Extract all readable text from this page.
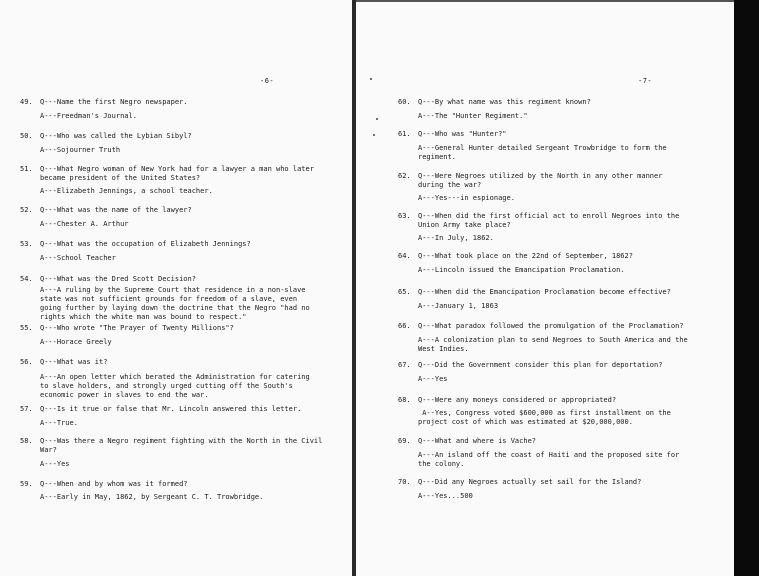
-6-
49. Q---Name the first Negro newspaper.
A---Freedman's Journal.
50. Q---Who was called the Lybian Sibyl?
A---Sojourner Truth
51. Q---What Negro woman of New York had for a lawyer a man who later
became president of the United States?
A---Elizabeth Jennings, a school teacher.
52. Q---What was the name of the lawyer?
A---Chester A. Arthur
53. Q---What was the occupation of Elizabeth Jennings?
A---School Teacher
54. Q---What was the Dred Scott Decision?
A---A ruling by the Supreme Court that residence in a non-slave
state was not sufficient grounds for freedom of a slave, even
going further by laying down the doctrine that the Negro "had no
rights which the white man was bound to respect."
55. Q---Who wrote "The Prayer of Twenty Millions"?
A---Horace Greely
56. Q---What was it?
A---An open letter which berated the Administration for catering
to slave holders, and strongly urged cutting off the South's
economic power in slaves to end the war.
57. Q---Is it true or false that Mr. Lincoln answered this letter.
A---True.
58. Q---Was there a Negro regiment fighting with the North in the Civil
War?
A---Yes
59. Q---When and by whom was it formed?
A---Early in May, 1862, by Sergeant C. T. Trowbridge.
-7-
60. Q---By what name was this regiment known?
A---The "Hunter Regiment."
61. Q---Who was "Hunter?"
A---General Hunter detailed Sergeant Trowbridge to form the
regiment.
62. Q---Were Negroes utilized by the North in any other manner
during the war?
A---Yes---in espionage.
63. Q---When did the first official act to enroll Negroes into the
Union Army take place?
A---In July, 1862.
64. Q---What took place on the 22nd of September, 1862?
A---Lincoln issued the Emancipation Proclamation.
65. Q---When did the Emancipation Proclamation become effective?
A---January 1, 1863
66. Q---What paradox followed the promulgation of the Proclamation?
A---A colonization plan to send Negroes to South America and the
West Indies.
67. Q---Did the Government consider this plan for deportation?
A---Yes
68. Q---Were any moneys considered or appropriated?
A--Yes, Congress voted $600,000 as first installment on the
project cost of which was estimated at $20,000,000.
69. Q---What and where is Vache?
A---An island off the coast of Haiti and the proposed site for
the colony.
70. Q---Did any Negroes actually set sail for the Island?
A---Yes...500
